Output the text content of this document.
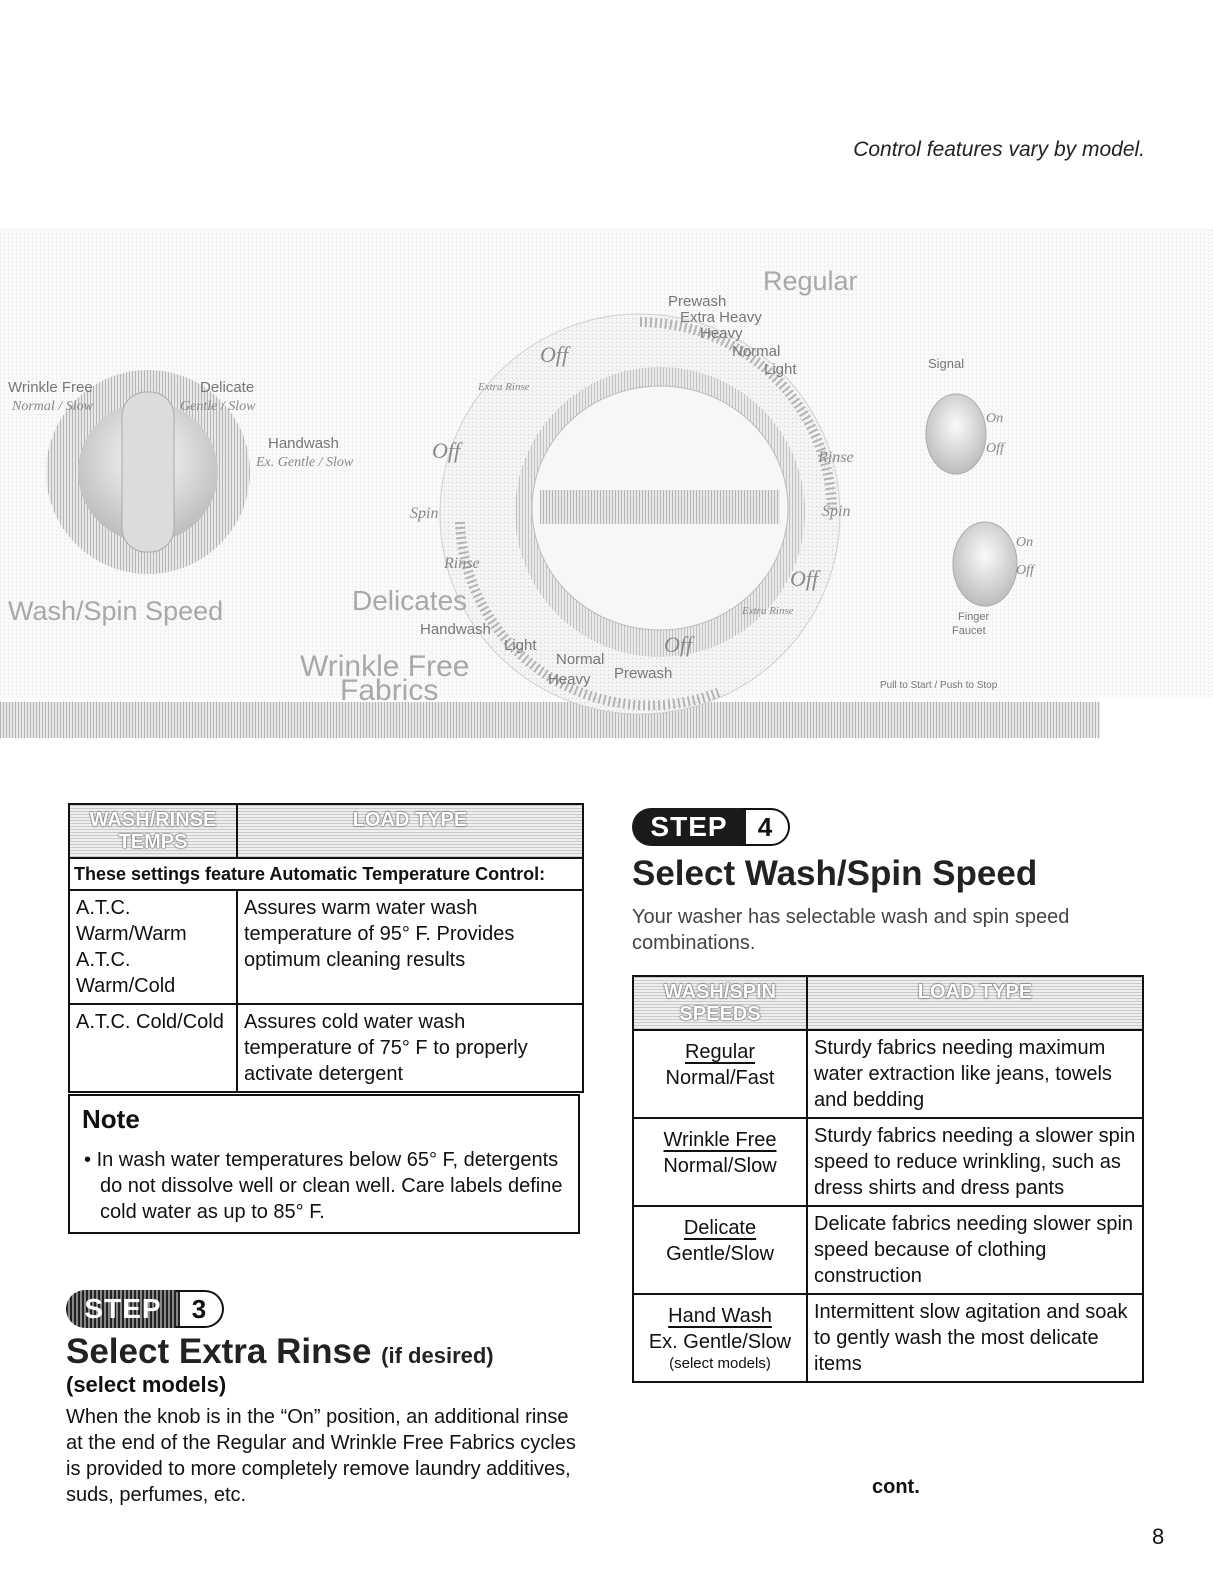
Control features vary by model.
Wrinkle Free
Normal / Slow
Delicate
Gentle / Slow
Handwash
Ex. Gentle / Slow
Wash/Spin Speed
Regular
Prewash
Extra Heavy
Heavy
Normal
Light
Off
Extra Rinse
Off	Rinse
Spin	Spin
Rinse
Off
Extra Rinse
Delicates
Handwash
Light
Normal
Off
Heavy Prewash
Wrinkle Free
Fabrics
Signal
On
Off
On
Off
Finger
Faucet
Pull to Start / Push to Stop
WASH/RINSE TEMPS	LOAD TYPE
These settings feature Automatic Temperature Control:	

A.T.C. Warm/Warm
A.T.C. Warm/Cold	Assures warm water wash temperature of 95° F. Provides optimum cleaning results

A.T.C. Cold/Cold	Assures cold water wash temperature of 75° F to properly activate detergent
Note
• In wash water temperatures below 65° F, detergents do not dissolve well or clean well. Care labels define cold water as up to 85° F.
STEP 3
Select Extra Rinse (if desired)
(select models)
When the knob is in the “On” position, an additional rinse at the end of the Regular and Wrinkle Free Fabrics cycles is provided to more completely remove laundry additives, suds, perfumes, etc.
STEP 4
Select Wash/Spin Speed
Your washer has selectable wash and spin speed combinations.
WASH/SPIN SPEEDS	LOAD TYPE

Regular
Normal/Fast	Sturdy fabrics needing maximum water extraction like jeans, towels and bedding

Wrinkle Free
Normal/Slow	Sturdy fabrics needing a slower spin speed to reduce wrinkling, such as dress shirts and dress pants

Delicate
Gentle/Slow	Delicate fabrics needing slower spin speed because of clothing construction

Hand Wash
Ex. Gentle/Slow
(select models)	Intermittent slow agitation and soak to gently wash the most delicate items
cont.
8
